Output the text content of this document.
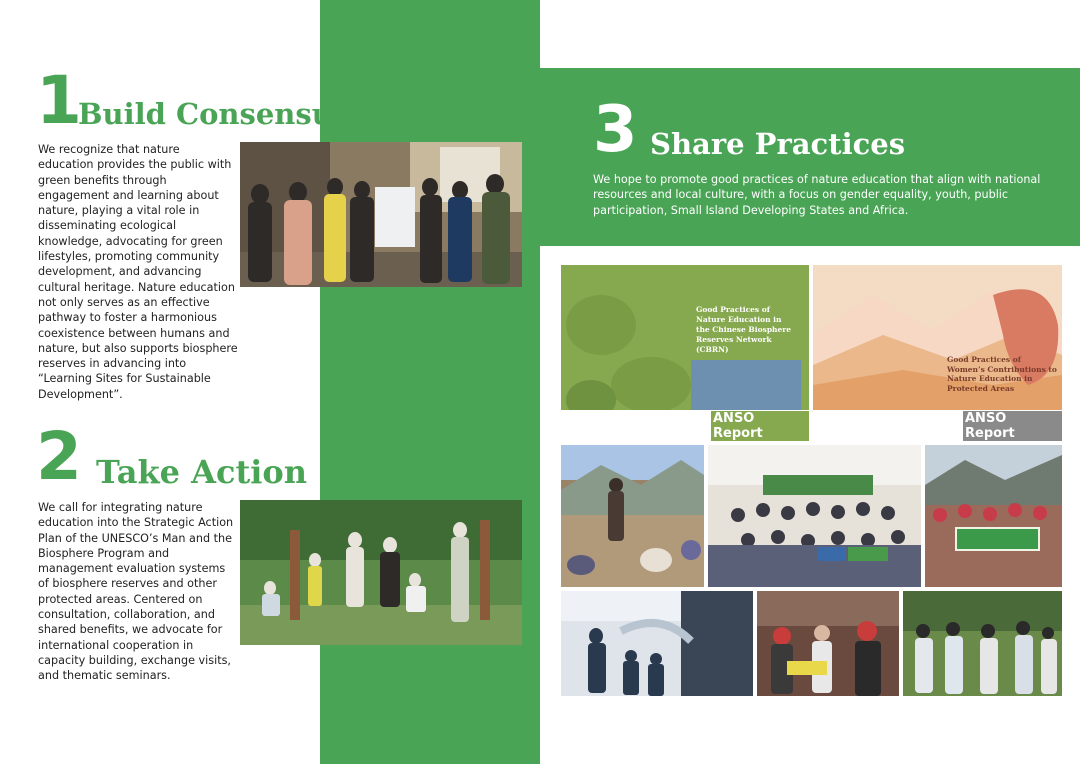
1
Build Consensus

We recognize that nature education provides the public with green benefits through engagement and learning about nature, playing a vital role in disseminating ecological knowledge, advocating for green lifestyles, promoting community development, and advancing cultural heritage. Nature education not only serves as an effective pathway to foster a harmonious coexistence between humans and nature, but also supports biosphere reserves in advancing into “Learning Sites for Sustainable Development”.

2 Take Action

We call for integrating nature education into the Strategic Action Plan of the UNESCO’s Man and the Biosphere Program and management evaluation systems of biosphere reserves and other protected areas. Centered on consultation, collaboration, and shared benefits, we advocate for international cooperation in capacity building, exchange visits, and thematic seminars.

3 Share Practices

We hope to promote good practices of nature education that align with national resources and local culture, with a focus on gender equality, youth, public participation, Small Island Developing States and Africa.

Good Practices of Nature Education in the Chinese Biosphere Reserves Network (CBRN)
ANSO Report
Good Practices of Women’s Contributions to Nature Education in Protected Areas
ANSO Report
